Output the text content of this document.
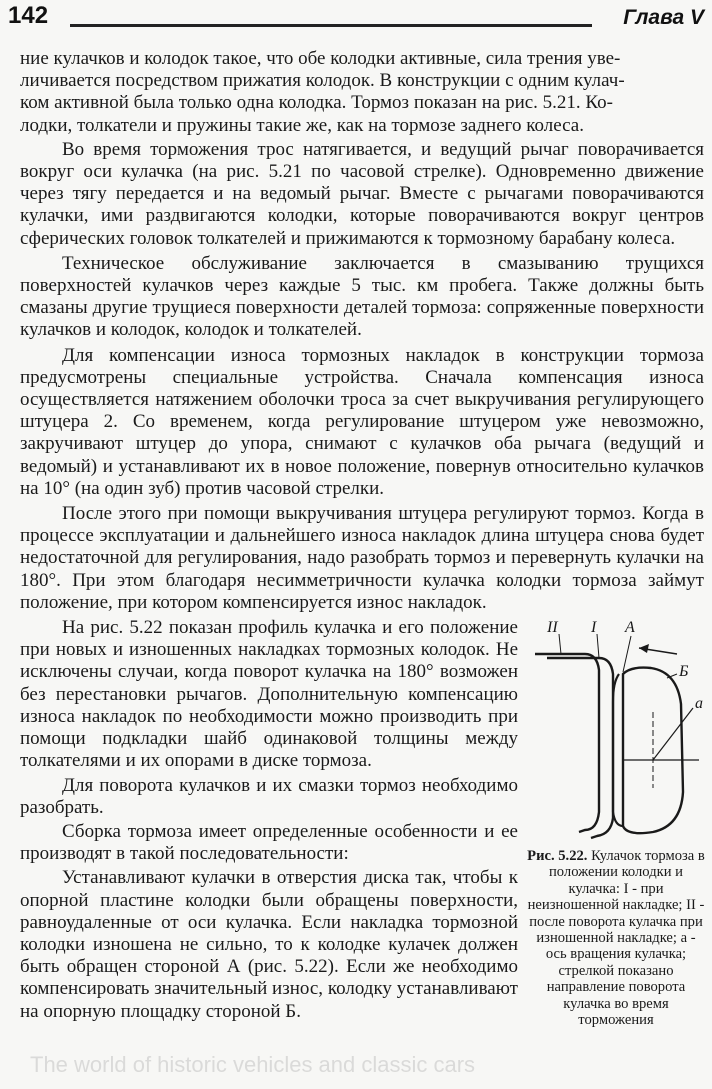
142	Глава V

ние кулачков и колодок такое, что обе колодки активные, сила трения уве-

личивается посредством прижатия колодок. В конструкции с одним кулач-

ком активной была только одна колодка. Тормоз показан на рис. 5.21. Ко-

лодки, толкатели и пружины такие же, как на тормозе заднего колеса.

Во время торможения трос натягивается, и ведущий рычаг поворачивается вокруг оси кулачка (на рис. 5.21 по часовой стрелке). Одновременно движение через тягу передается и на ведомый рычаг. Вместе с рычагами поворачиваются кулачки, ими раздвигаются колодки, которые поворачиваются вокруг центров сферических головок толкателей и прижимаются к тормозному барабану колеса.

Техническое обслуживание заключается в смазыванию трущихся поверхностей кулачков через каждые 5 тыс. км пробега. Также должны быть смазаны другие трущиеся поверхности деталей тормоза: сопряженные поверхности кулачков и колодок, колодок и толкателей.

Для компенсации износа тормозных накладок в конструкции тормоза предусмотрены специальные устройства. Сначала компенсация износа осуществляется натяжением оболочки троса за счет выкручивания регулирующего штуцера 2. Со временем, когда регулирование штуцером уже невозможно, закручивают штуцер до упора, снимают с кулачков оба рычага (ведущий и ведомый) и устанавливают их в новое положение, повернув относительно кулачков на 10° (на один зуб) против часовой стрелки.

После этого при помощи выкручивания штуцера регулируют тормоз. Когда в процессе эксплуатации и дальнейшего износа накладок длина штуцера снова будет недостаточной для регулирования, надо разобрать тормоз и перевернуть кулачки на 180°. При этом благодаря несимметричности кулачка колодки тормоза займут положение, при котором компенсируется износ накладок.

На рис. 5.22 показан профиль кулачка и его положение при новых и изношенных накладках тормозных колодок. Не исключены случаи, когда поворот кулачка на 180° возможен без перестановки рычагов. Дополнительную компенсацию износа накладок по необходимости можно производить при помощи подкладки шайб одинаковой толщины между толкателями и их опорами в диске тормоза.

Для поворота кулачков и их смазки тормоз необходимо разобрать.

Сборка тормоза имеет определенные особенности и ее производят в такой последовательности:

Устанавливают кулачки в отверстия диска так, чтобы к опорной пластине колодки были обращены поверхности, равноудаленные от оси кулачка. Если накладка тормозной колодки изношена не сильно, то к колодке кулачек должен быть обращен стороной А (рис. 5.22). Если же необходимо компенсировать значительный износ, колодку устанавливают на опорную площадку стороной Б.

II I А
Б
а
Рис. 5.22. Кулачок тормоза в положении колодки и кулачка: I - при неизношенной накладке; II - после поворота кулачка при изношенной накладке; а - ось вращения кулачка; стрелкой показано направление поворота кулачка во время торможения
The world of historic vehicles and classic cars
